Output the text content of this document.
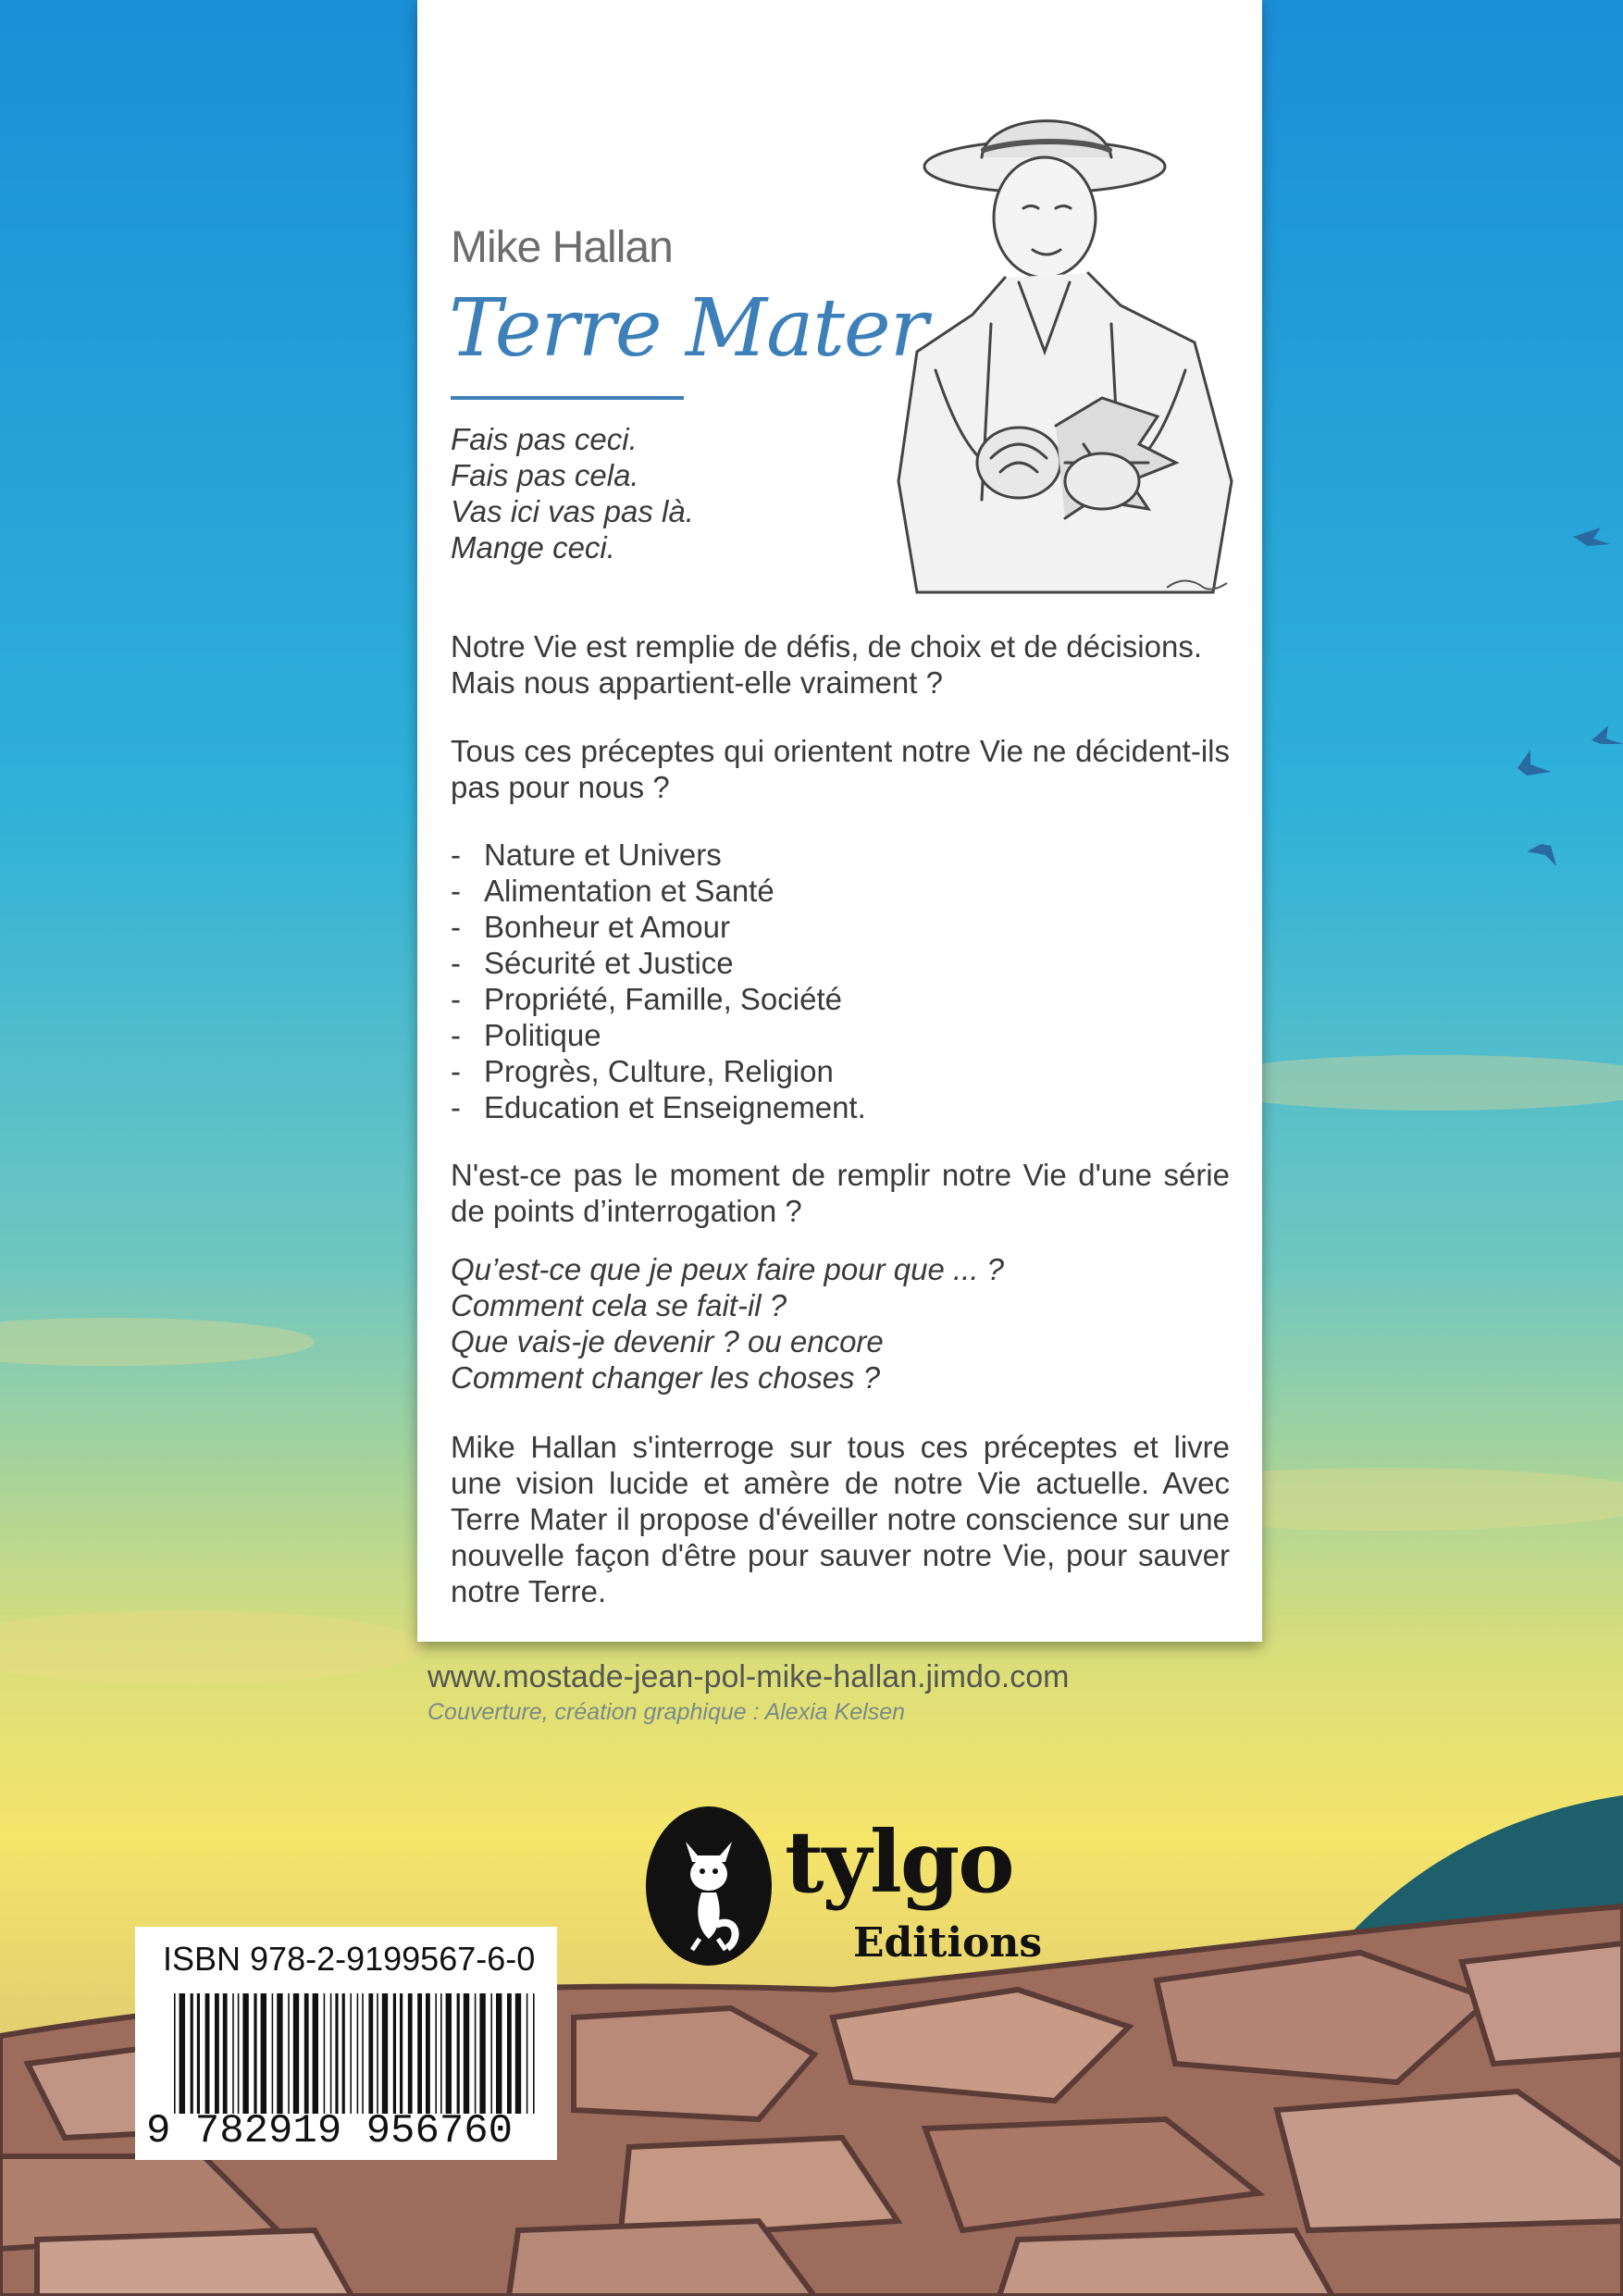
Mike Hallan
Terre Mater
Fais pas ceci.
Fais pas cela.
Vas ici vas pas là.
Mange ceci.
Notre Vie est remplie de défis, de choix et de décisions. Mais nous appartient-elle vraiment ?
Tous ces préceptes qui orientent notre Vie ne décident-ils pas pour nous ?
- Nature et Univers
- Alimentation et Santé
- Bonheur et Amour
- Sécurité et Justice
- Propriété, Famille, Société
- Politique
- Progrès, Culture, Religion
- Education et Enseignement.
N'est-ce pas le moment de remplir notre Vie d'une série de points d’interrogation ?
Qu’est-ce que je peux faire pour que ... ?
Comment cela se fait-il ?
Que vais-je devenir ? ou encore
Comment changer les choses ?
Mike Hallan s'interroge sur tous ces préceptes et livre une vision lucide et amère de notre Vie actuelle. Avec Terre Mater il propose d'éveiller notre conscience sur une nouvelle façon d'être pour sauver notre Vie, pour sauver notre Terre.
www.mostade-jean-pol-mike-hallan.jimdo.com
Couverture, création graphique : Alexia Kelsen
tylgo
Editions
ISBN 978-2-9199567-6-0
9 782919 956760
